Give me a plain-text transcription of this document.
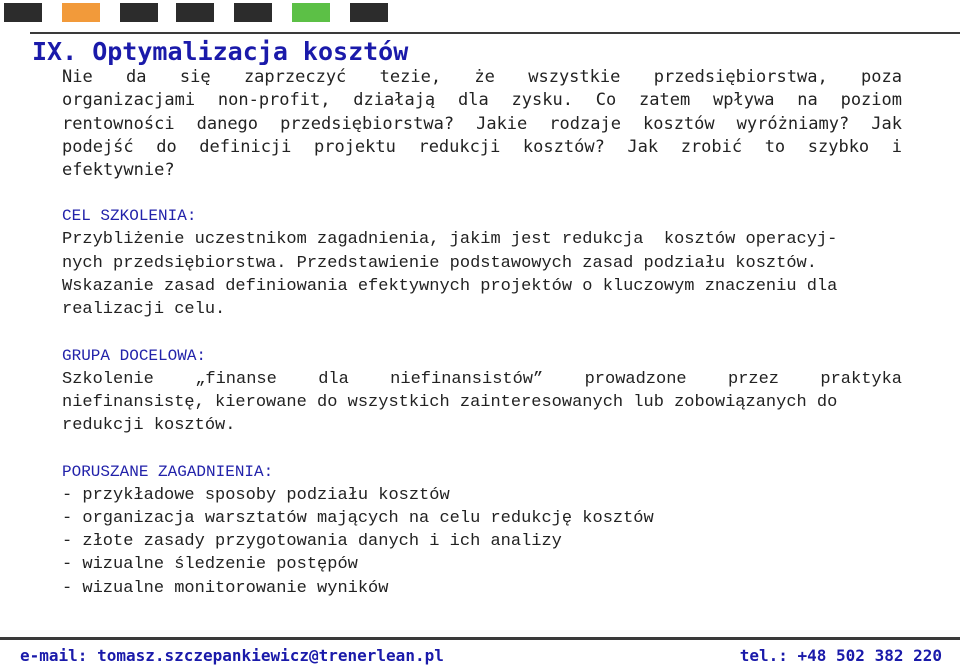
IX. Optymalizacja kosztów
Nie da się zaprzeczyć tezie, że wszystkie przedsiębiorstwa, poza
organizacjami non-profit, działają dla zysku. Co zatem wpływa na poziom
rentowności danego przedsiębiorstwa? Jakie rodzaje kosztów wyróżniamy? Jak
podejść do definicji projektu redukcji kosztów? Jak zrobić to szybko i
efektywnie?
CEL SZKOLENIA:
Przybliżenie uczestnikom zagadnienia, jakim jest redukcja  kosztów operacyj-
nych przedsiębiorstwa. Przedstawienie podstawowych zasad podziału kosztów.
Wskazanie zasad definiowania efektywnych projektów o kluczowym znaczeniu dla
realizacji celu.
GRUPA DOCELOWA:
Szkolenie „finanse dla niefinansistów” prowadzone przez praktyka
niefinansistę, kierowane do wszystkich zainteresowanych lub zobowiązanych do
redukcji kosztów.
PORUSZANE ZAGADNIENIA:
- przykładowe sposoby podziału kosztów
- organizacja warsztatów mających na celu redukcję kosztów
- złote zasady przygotowania danych i ich analizy
- wizualne śledzenie postępów
- wizualne monitorowanie wyników
e-mail: tomasz.szczepankiewicz@trenerlean.pl	tel.: +48 502 382 220
